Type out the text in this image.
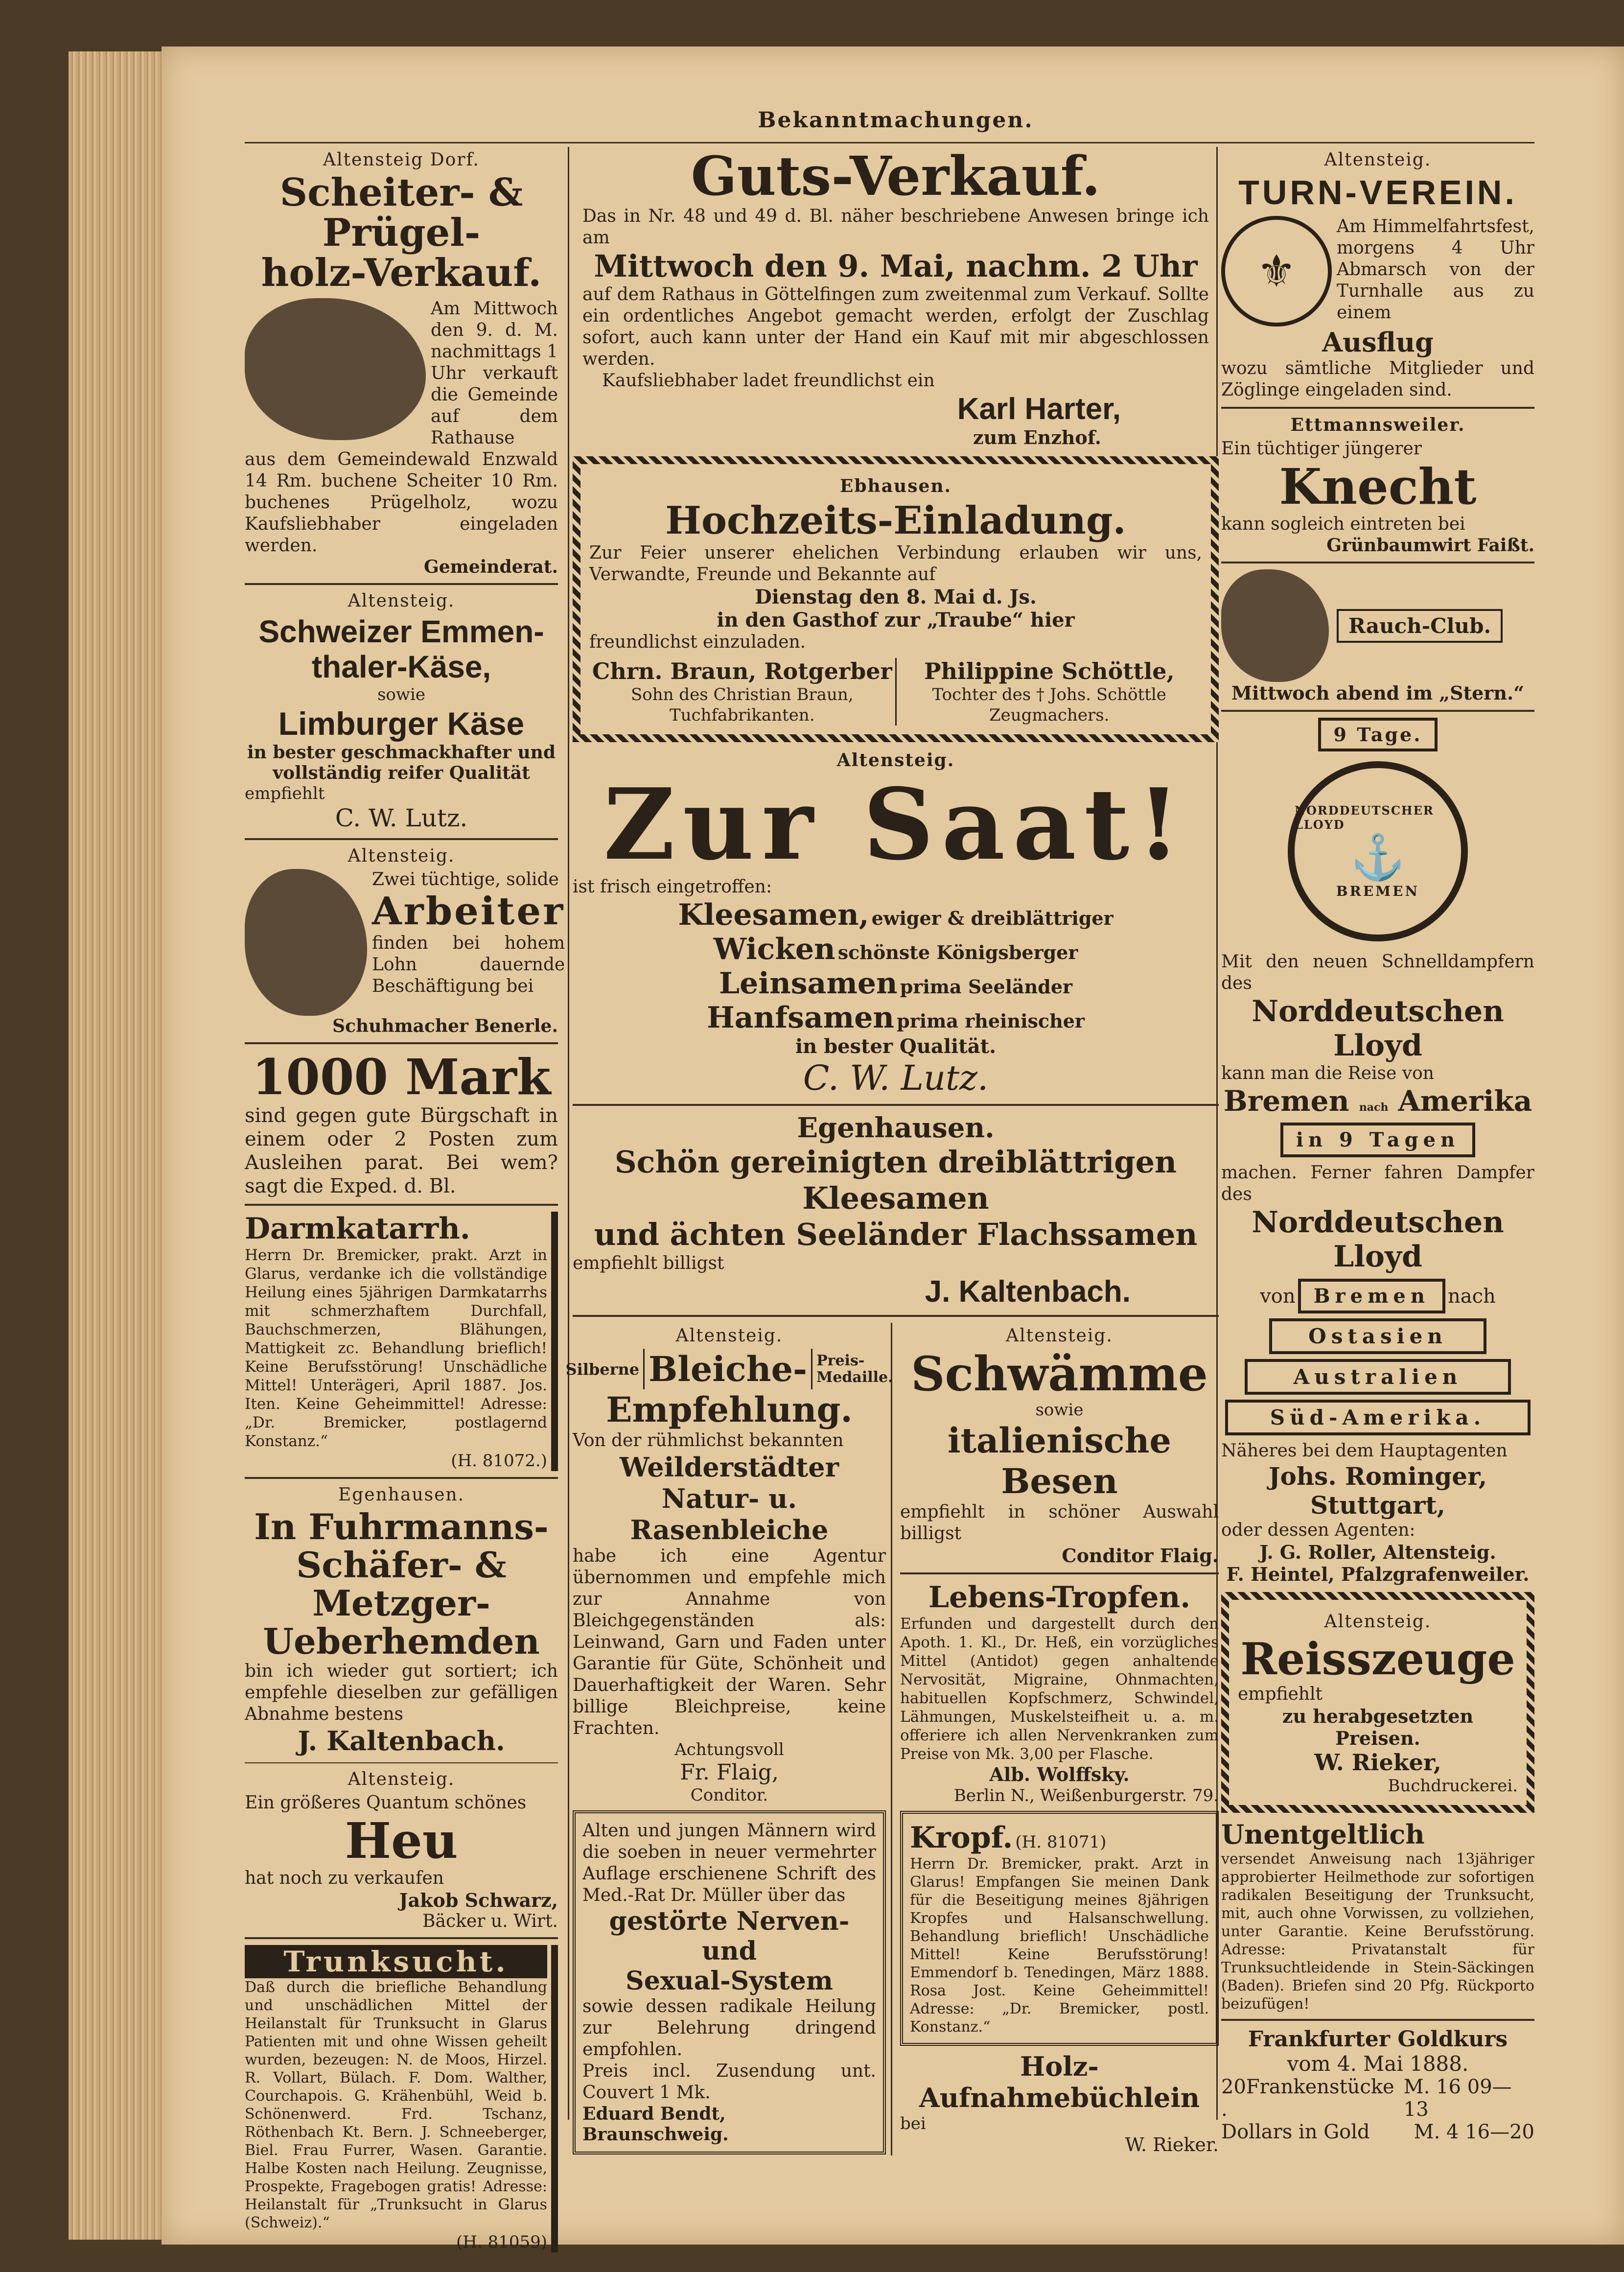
Bekanntmachungen.
Altensteig Dorf.
Scheiter- & Prügel-
holz-Verkauf.
Am Mittwoch den 9. d. M. nachmittags 1 Uhr verkauft die Gemeinde auf dem Rathause
aus dem Gemeindewald Enzwald 14 Rm. buchene Scheiter 10 Rm. buchenes Prügelholz, wozu Kaufsliebhaber eingeladen werden.
Gemeinderat.
Altensteig.
Schweizer Emmen-
thaler-Käse,
sowie
Limburger Käse
in bester geschmackhafter und vollständig reifer Qualität
empfiehlt
C. W. Lutz.
Altensteig.
Zwei tüchtige, solide
Arbeiter
finden bei hohem Lohn dauernde Beschäftigung bei
Schuhmacher Benerle.
1000 Mark
sind gegen gute Bürgschaft in einem oder 2 Posten zum Ausleihen parat. Bei wem? sagt die Exped. d. Bl.
Darmkatarrh.
Herrn Dr. Bremicker, prakt. Arzt in Glarus, verdanke ich die vollständige Heilung eines 5jährigen Darmkatarrhs mit schmerzhaftem Durchfall, Bauchschmerzen, Blähungen, Mattigkeit zc. Behandlung brieflich! Keine Berufsstörung! Unschädliche Mittel! Unterägeri, April 1887. Jos. Iten. Keine Geheimmittel! Adresse: „Dr. Bremicker, postlagernd Konstanz.“
(H. 81072.)
Egenhausen.
In Fuhrmanns-
Schäfer- & Metzger-
Ueberhemden
bin ich wieder gut sortiert; ich empfehle dieselben zur gefälligen Abnahme bestens
J. Kaltenbach.
Altensteig.
Ein größeres Quantum schönes
Heu
hat noch zu verkaufen
Jakob Schwarz,
Bäcker u. Wirt.
Trunksucht.
Daß durch die briefliche Behandlung und unschädlichen Mittel der Heilanstalt für Trunksucht in Glarus Patienten mit und ohne Wissen geheilt wurden, bezeugen: N. de Moos, Hirzel. R. Vollart, Bülach. F. Dom. Walther, Courchapois. G. Krähenbühl, Weid b. Schönenwerd. Frd. Tschanz, Röthenbach Kt. Bern. J. Schneeberger, Biel. Frau Furrer, Wasen. Garantie. Halbe Kosten nach Heilung. Zeugnisse, Prospekte, Fragebogen gratis! Adresse: Heilanstalt für „Trunksucht in Glarus (Schweiz).“
(H. 81059)
Guts-Verkauf.
Das in Nr. 48 und 49 d. Bl. näher beschriebene Anwesen bringe ich am
Mittwoch den 9. Mai, nachm. 2 Uhr
auf dem Rathaus in Göttelfingen zum zweitenmal zum Verkauf. Sollte ein ordentliches Angebot gemacht werden, erfolgt der Zuschlag sofort, auch kann unter der Hand ein Kauf mit mir abgeschlossen werden.
Kaufsliebhaber ladet freundlichst ein
Karl Harter,
zum Enzhof.
Ebhausen.
Hochzeits-Einladung.
Zur Feier unserer ehelichen Verbindung erlauben wir uns, Verwandte, Freunde und Bekannte auf
Dienstag den 8. Mai d. Js.
in den Gasthof zur „Traube“ hier
freundlichst einzuladen.
Chrn. Braun, Rotgerber
Sohn des Christian Braun,
Tuchfabrikanten.
Philippine Schöttle,
Tochter des † Johs. Schöttle
Zeugmachers.
Altensteig.
Zur Saat!
ist frisch eingetroffen:
Kleesamen, ewiger & dreiblättriger
Wicken schönste Königsberger
Leinsamen prima Seeländer
Hanfsamen prima rheinischer
in bester Qualität.
C. W. Lutz.
Egenhausen.
Schön gereinigten dreiblättrigen Kleesamen
und ächten Seeländer Flachssamen
empfiehlt billigst
J. Kaltenbach.
Altensteig.
Silberne Bleiche- Preis-
Medaille.
Empfehlung.
Von der rühmlichst bekannten
Weilderstädter Natur- u.
Rasenbleiche
habe ich eine Agentur übernommen und empfehle mich zur Annahme von Bleichgegenständen als: Leinwand, Garn und Faden unter Garantie für Güte, Schönheit und Dauerhaftigkeit der Waren. Sehr billige Bleichpreise, keine Frachten.
Achtungsvoll
Fr. Flaig,
Conditor.
Alten und jungen Männern wird die soeben in neuer vermehrter Auflage erschienene Schrift des Med.-Rat Dr. Müller über das
gestörte Nerven- und
Sexual-System
sowie dessen radikale Heilung zur Belehrung dringend empfohlen.
Preis incl. Zusendung unt. Couvert 1 Mk.
Eduard Bendt, Braunschweig.
Altensteig.
Schwämme
sowie
italienische Besen
empfiehlt in schöner Auswahl billigst
Conditor Flaig.
Lebens-Tropfen.
Erfunden und dargestellt durch den Apoth. 1. Kl., Dr. Heß, ein vorzügliches Mittel (Antidot) gegen anhaltende Nervosität, Migraine, Ohnmachten, habituellen Kopfschmerz, Schwindel, Lähmungen, Muskelsteifheit u. a. m. offeriere ich allen Nervenkranken zum Preise von Mk. 3,00 per Flasche.
Alb. Wolffsky.
Berlin N., Weißenburgerstr. 79.
Kropf. (H. 81071)
Herrn Dr. Bremicker, prakt. Arzt in Glarus! Empfangen Sie meinen Dank für die Beseitigung meines 8jährigen Kropfes und Halsanschwellung. Behandlung brieflich! Unschädliche Mittel! Keine Berufsstörung! Emmendorf b. Tenedingen, März 1888. Rosa Jost. Keine Geheimmittel! Adresse: „Dr. Bremicker, postl. Konstanz.“
Holz-Aufnahmebüchlein
bei
W. Rieker.
Altensteig.
TURN-VEREIN.
⚜
Am Himmelfahrtsfest, morgens 4 Uhr Abmarsch von der Turnhalle aus zu einem
Ausflug
wozu sämtliche Mitglieder und Zöglinge eingeladen sind.
Ettmannsweiler.
Ein tüchtiger jüngerer
Knecht
kann sogleich eintreten bei
Grünbaumwirt Faißt.
Rauch-Club.
Mittwoch abend im „Stern.“
9 Tage.
NORDDEUTSCHER LLOYD
⚓
BREMEN
Mit den neuen Schnelldampfern des
Norddeutschen Lloyd
kann man die Reise von
Bremen nach Amerika
in 9 Tagen
machen. Ferner fahren Dampfer des
Norddeutschen Lloyd
von Bremen nach
Ostasien
Australien
Süd-Amerika.
Näheres bei dem Hauptagenten
Johs. Rominger,
Stuttgart,
oder dessen Agenten:
J. G. Roller, Altensteig.
F. Heintel, Pfalzgrafenweiler.
Altensteig.
Reisszeuge
empfiehlt
zu herabgesetzten Preisen.
W. Rieker,
Buchdruckerei.
Unentgeltlich
versendet Anweisung nach 13jähriger approbierter Heilmethode zur sofortigen radikalen Beseitigung der Trunksucht, mit, auch ohne Vorwissen, zu vollziehen, unter Garantie. Keine Berufsstörung. Adresse: Privatanstalt für Trunksuchtleidende in Stein-Säckingen (Baden). Briefen sind 20 Pfg. Rückporto beizufügen!
Frankfurter Goldkurs
vom 4. Mai 1888.
20Frankenstücke .
M. 16 09—13
Dollars in Gold M. 4 16—20
